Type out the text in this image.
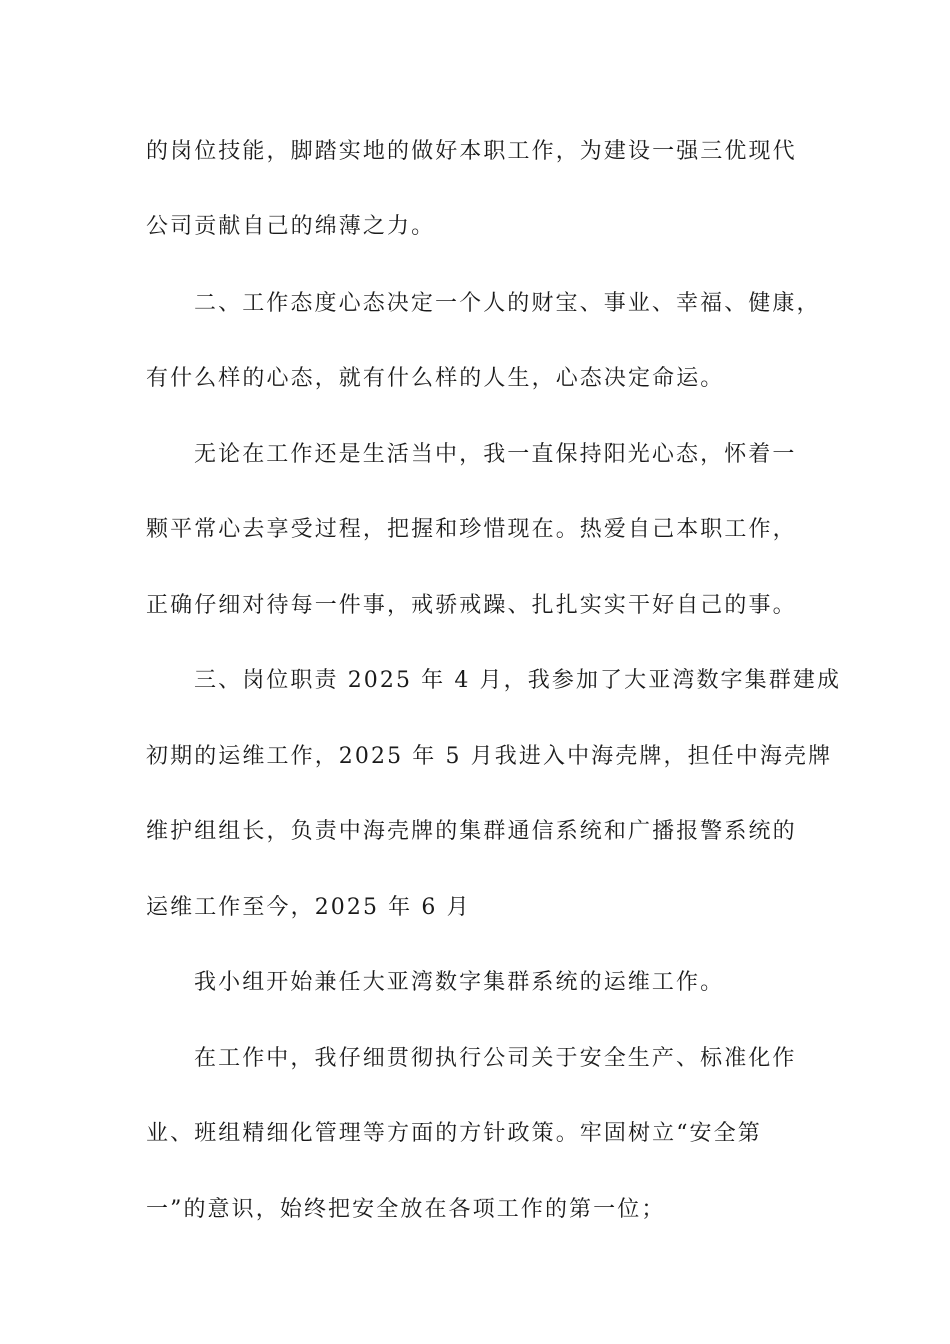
的岗位技能，脚踏实地的做好本职工作，为建设一强三优现代
公司贡献自己的绵薄之力。
二、工作态度心态决定一个人的财宝、事业、幸福、健康，
有什么样的心态，就有什么样的人生，心态决定命运。
无论在工作还是生活当中，我一直保持阳光心态，怀着一
颗平常心去享受过程，把握和珍惜现在。热爱自己本职工作，
正确仔细对待每一件事，戒骄戒躁、扎扎实实干好自己的事。
三、岗位职责 2025 年 4 月，我参加了大亚湾数字集群建成
初期的运维工作，2025 年 5 月我进入中海壳牌，担任中海壳牌
维护组组长，负责中海壳牌的集群通信系统和广播报警系统的
运维工作至今，2025 年 6 月
我小组开始兼任大亚湾数字集群系统的运维工作。
在工作中，我仔细贯彻执行公司关于安全生产、标准化作
业、班组精细化管理等方面的方针政策。牢固树立“安全第
一”的意识，始终把安全放在各项工作的第一位；
